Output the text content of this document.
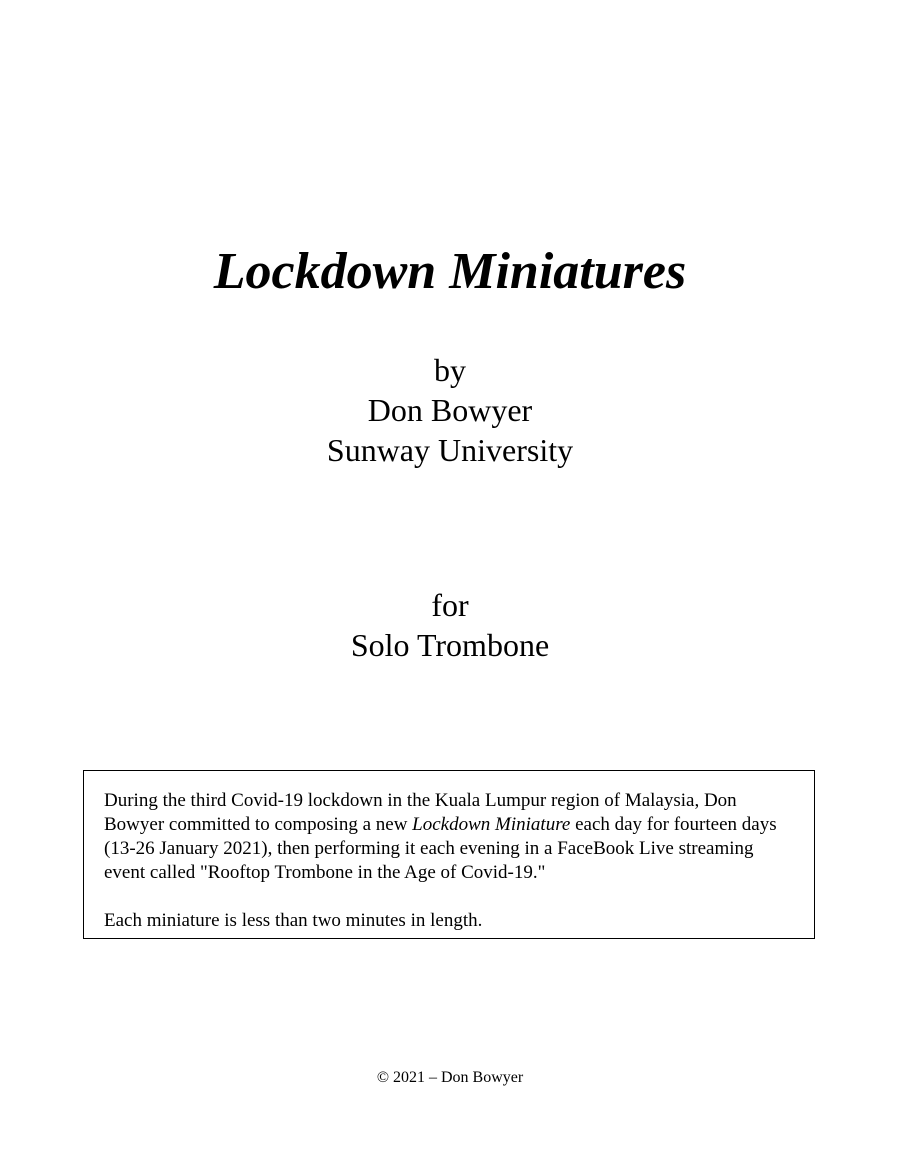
Lockdown Miniatures
by
Don Bowyer
Sunway University
for
Solo Trombone

During the third Covid-19 lockdown in the Kuala Lumpur region of Malaysia, Don Bowyer committed to composing a new Lockdown Miniature each day for fourteen days (13-26 January 2021), then performing it each evening in a FaceBook Live streaming event called "Rooftop Trombone in the Age of Covid-19."

Each miniature is less than two minutes in length.

© 2021 – Don Bowyer
